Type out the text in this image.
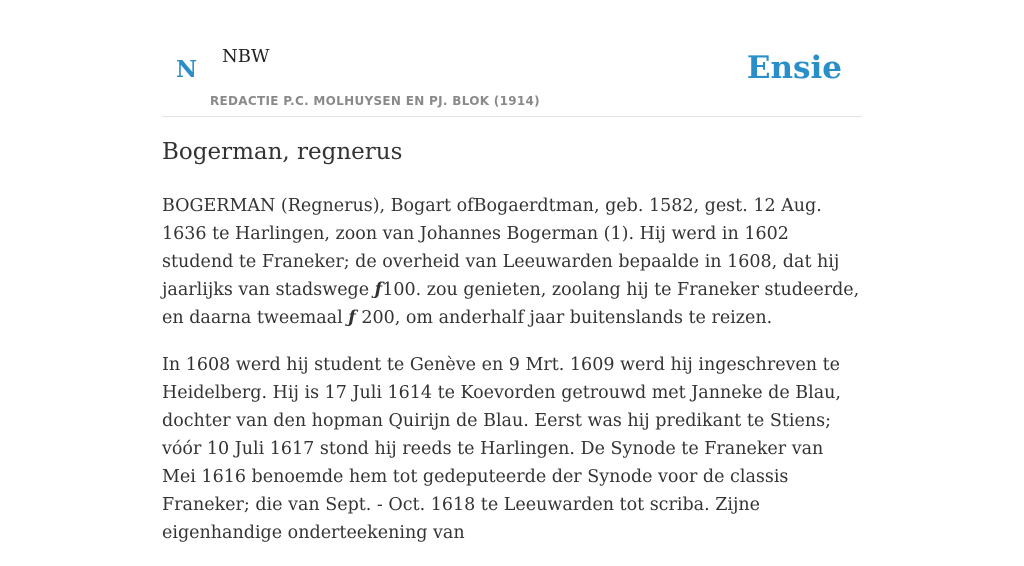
N NBW
REDACTIE P.C. MOLHUYSEN EN PJ. BLOK (1914)
Ensie
Bogerman, regnerus

BOGERMAN (Regnerus), Bogart ofBogaerdtman, geb. 1582, gest. 12 Aug. 1636 te Harlingen, zoon van Johannes Bogerman (1). Hij werd in 1602 studend te Franeker; de overheid van Leeuwarden bepaalde in 1608, dat hij jaarlijks van stadswege ƒ100. zou genieten, zoolang hij te Franeker studeerde, en daarna tweemaal ƒ 200, om anderhalf jaar buitenslands te reizen.

In 1608 werd hij student te Genève en 9 Mrt. 1609 werd hij ingeschreven te Heidelberg. Hij is 17 Juli 1614 te Koevorden getrouwd met Janneke de Blau, dochter van den hopman Quirijn de Blau. Eerst was hij predikant te Stiens; vóór 10 Juli 1617 stond hij reeds te Harlingen. De Synode te Franeker van Mei 1616 benoemde hem tot gedeputeerde der Synode voor de classis Franeker; die van Sept. - Oct. 1618 te Leeuwarden tot scriba. Zijne eigenhandige onderteekening van
